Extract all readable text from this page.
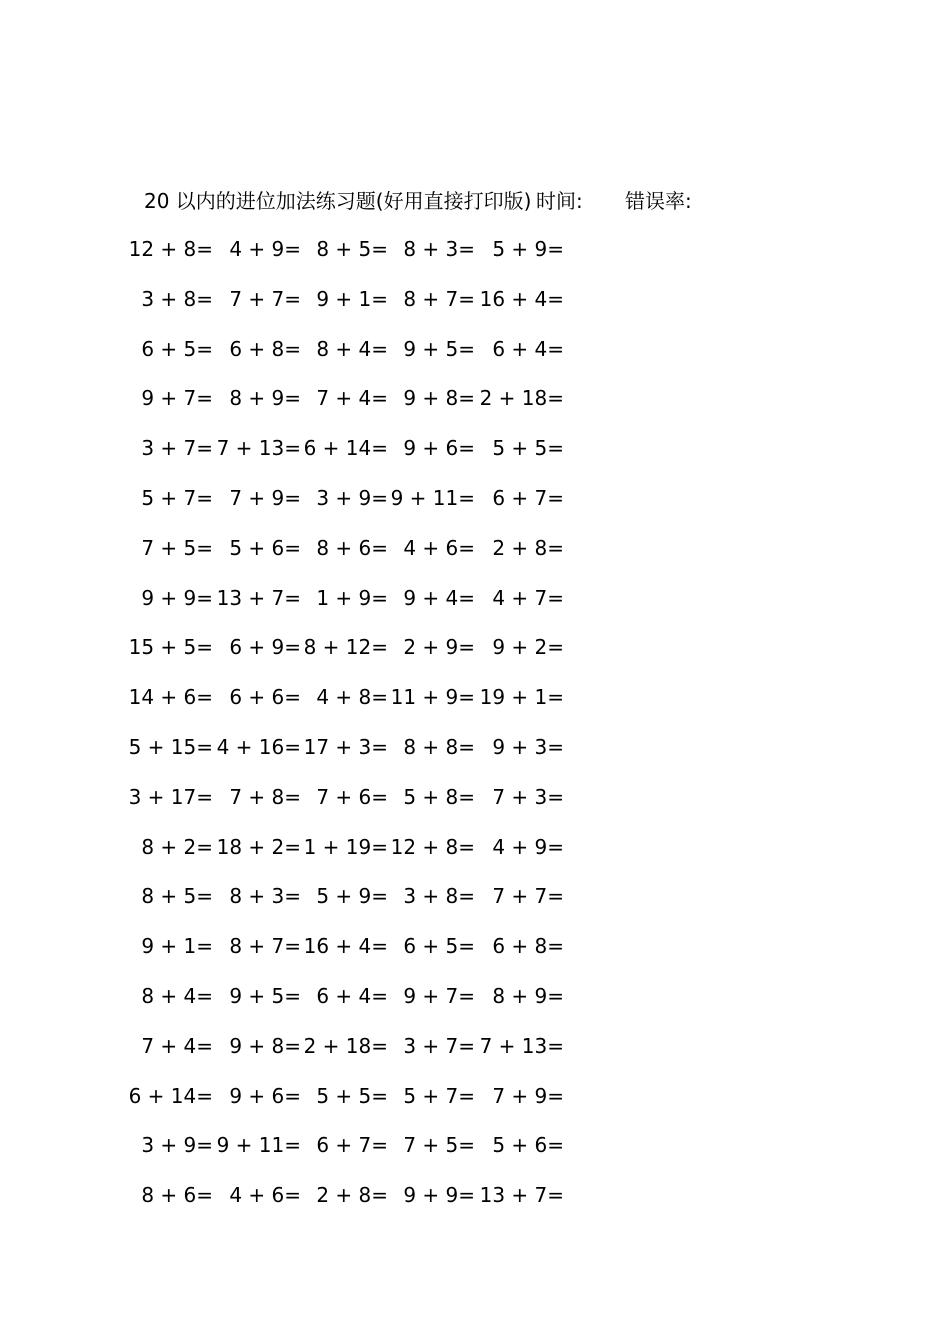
20 以内的进位加法练习题(好用直接打印版) 时间: 错误率:
12 + 8= 4 + 9= 8 + 5= 8 + 3= 5 + 9=
3 + 8= 7 + 7= 9 + 1= 8 + 7= 16 + 4=
6 + 5= 6 + 8= 8 + 4= 9 + 5= 6 + 4=
9 + 7= 8 + 9= 7 + 4= 9 + 8= 2 + 18=
3 + 7= 7 + 13= 6 + 14= 9 + 6= 5 + 5=
5 + 7= 7 + 9= 3 + 9= 9 + 11= 6 + 7=
7 + 5= 5 + 6= 8 + 6= 4 + 6= 2 + 8=
9 + 9= 13 + 7= 1 + 9= 9 + 4= 4 + 7=
15 + 5= 6 + 9= 8 + 12= 2 + 9= 9 + 2=
14 + 6= 6 + 6= 4 + 8= 11 + 9= 19 + 1=
5 + 15= 4 + 16= 17 + 3= 8 + 8= 9 + 3=
3 + 17= 7 + 8= 7 + 6= 5 + 8= 7 + 3=
8 + 2= 18 + 2= 1 + 19= 12 + 8= 4 + 9=
8 + 5= 8 + 3= 5 + 9= 3 + 8= 7 + 7=
9 + 1= 8 + 7= 16 + 4= 6 + 5= 6 + 8=
8 + 4= 9 + 5= 6 + 4= 9 + 7= 8 + 9=
7 + 4= 9 + 8= 2 + 18= 3 + 7= 7 + 13=
6 + 14= 9 + 6= 5 + 5= 5 + 7= 7 + 9=
3 + 9= 9 + 11= 6 + 7= 7 + 5= 5 + 6=
8 + 6= 4 + 6= 2 + 8= 9 + 9= 13 + 7=
